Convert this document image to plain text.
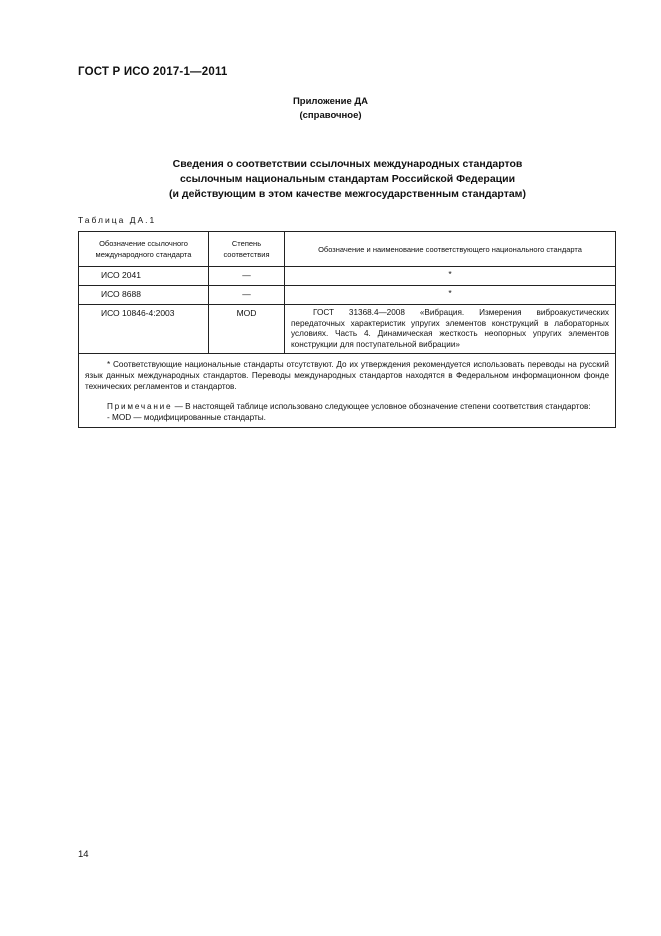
ГОСТ Р ИСО 2017-1—2011
Приложение ДА
(справочное)
Сведения о соответствии ссылочных международных стандартов
ссылочным национальным стандартам Российской Федерации
(и действующим в этом качестве межгосударственным стандартам)
Таблица ДА.1
Обозначение ссылочного международного стандарта	Степень соответствия	Обозначение и наименование соответствующего национального стандарта
ИСО 2041	—	*
ИСО 8688	—	*
ИСО 10846-4:2003	MOD	ГОСТ 31368.4—2008 «Вибрация. Измерения виброакустических передаточных характеристик упругих элементов конструкций в лабораторных условиях. Часть 4. Динамическая жесткость неопорных упругих элементов конструкции для поступательной вибрации»

* Соответствующие национальные стандарты отсутствуют. До их утверждения рекомендуется использовать переводы на русский язык данных международных стандартов. Переводы международных стандартов находятся в Федеральном информационном фонде технических регламентов и стандартов.

Примечание — В настоящей таблице использовано следующее условное обозначение степени соответствия стандартов:

- MOD — модифицированные стандарты.		

14
